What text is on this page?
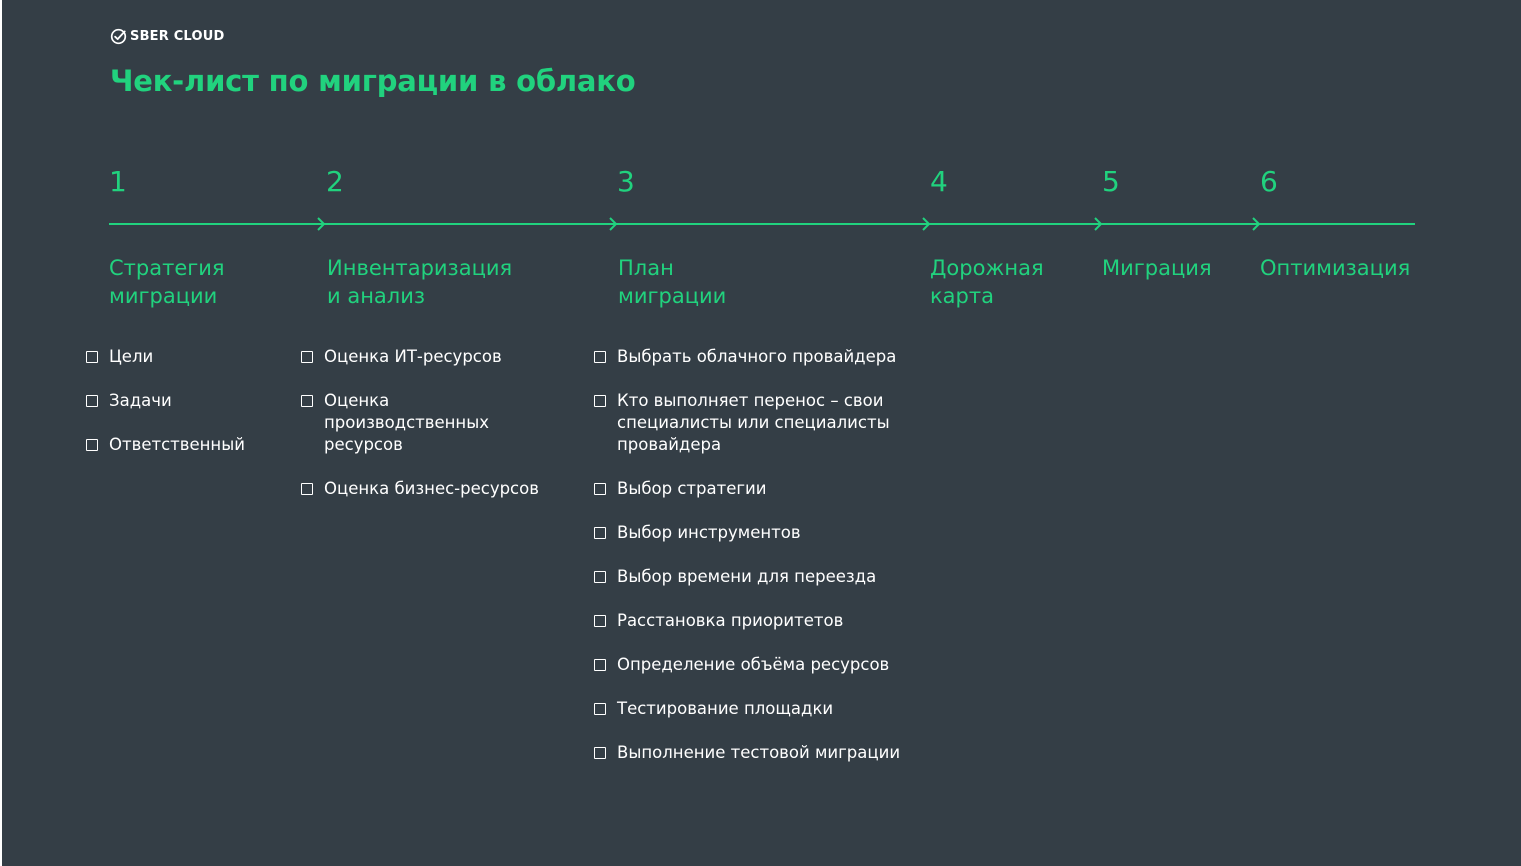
SBER CLOUD
Чек-лист по миграции в облако
1	2	3	4	5	6
Стратегия
миграции
Инвентаризация
и анализ
План
миграции
Дорожная
карта
Миграция Оптимизация
Цели
Задачи
Ответственный
Оценка ИТ-ресурсов
Оценка
производственных
ресурсов
Оценка бизнес-ресурсов
Выбрать облачного провайдера
Кто выполняет перенос – свои
специалисты или специалисты
провайдера
Выбор стратегии
Выбор инструментов
Выбор времени для переезда
Расстановка приоритетов
Определение объёма ресурсов
Тестирование площадки
Выполнение тестовой миграции
